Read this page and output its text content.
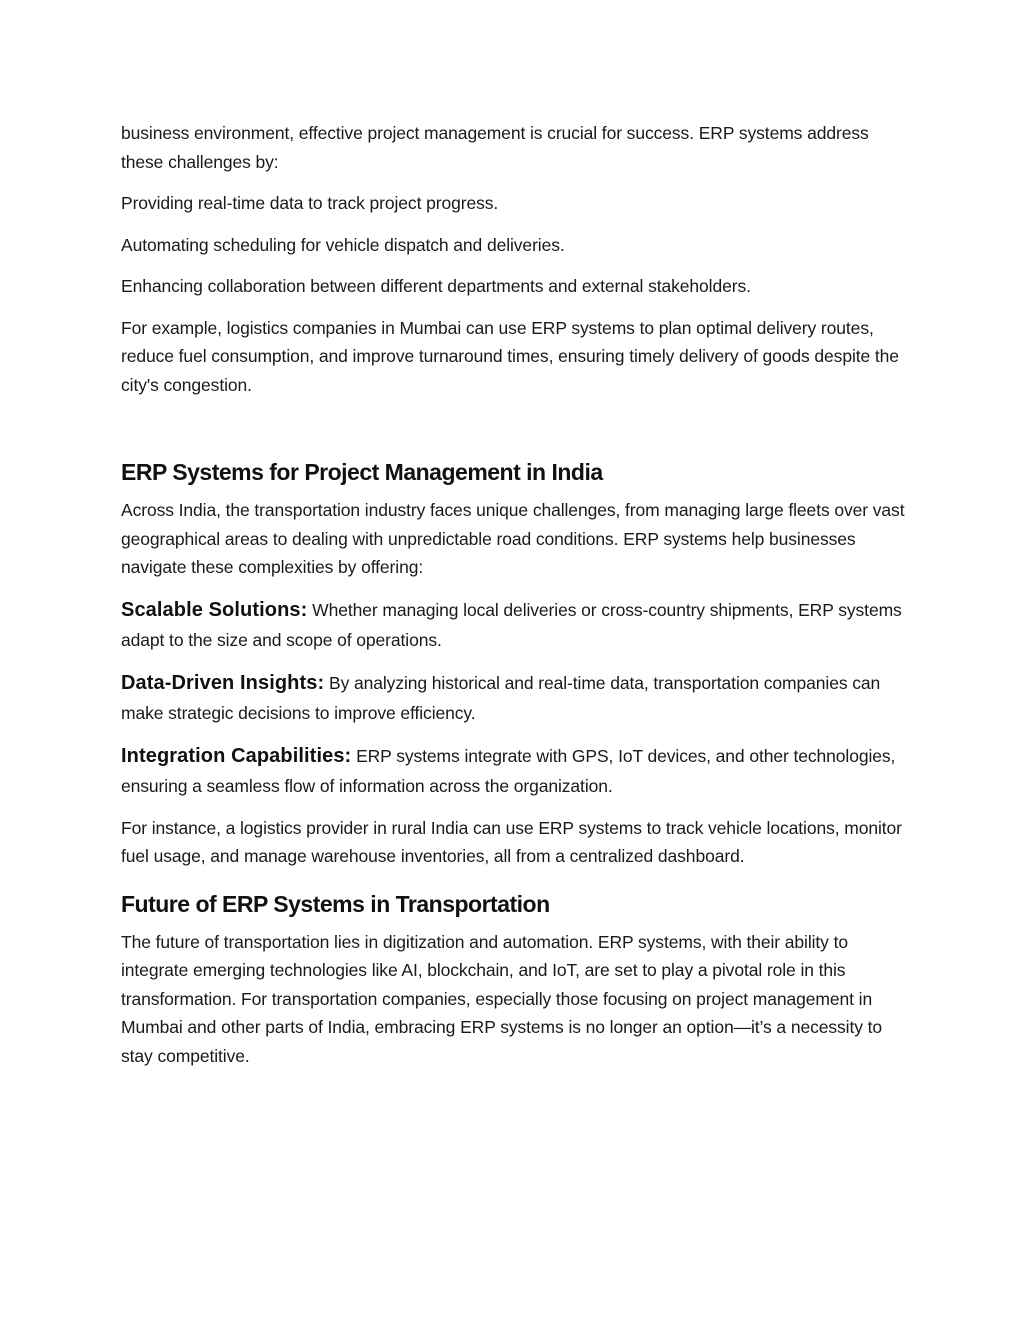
business environment, effective project management is crucial for success. ERP systems address these challenges by:

Providing real-time data to track project progress.

Automating scheduling for vehicle dispatch and deliveries.

Enhancing collaboration between different departments and external stakeholders.

For example, logistics companies in Mumbai can use ERP systems to plan optimal delivery routes, reduce fuel consumption, and improve turnaround times, ensuring timely delivery of goods despite the city's congestion.

ERP Systems for Project Management in India

Across India, the transportation industry faces unique challenges, from managing large fleets over vast geographical areas to dealing with unpredictable road conditions. ERP systems help businesses navigate these complexities by offering:

Scalable Solutions: Whether managing local deliveries or cross-country shipments, ERP systems adapt to the size and scope of operations.

Data-Driven Insights: By analyzing historical and real-time data, transportation companies can make strategic decisions to improve efficiency.

Integration Capabilities: ERP systems integrate with GPS, IoT devices, and other technologies, ensuring a seamless flow of information across the organization.

For instance, a logistics provider in rural India can use ERP systems to track vehicle locations, monitor fuel usage, and manage warehouse inventories, all from a centralized dashboard.

Future of ERP Systems in Transportation

The future of transportation lies in digitization and automation. ERP systems, with their ability to integrate emerging technologies like AI, blockchain, and IoT, are set to play a pivotal role in this transformation. For transportation companies, especially those focusing on project management in Mumbai and other parts of India, embracing ERP systems is no longer an option—it’s a necessity to stay competitive.
